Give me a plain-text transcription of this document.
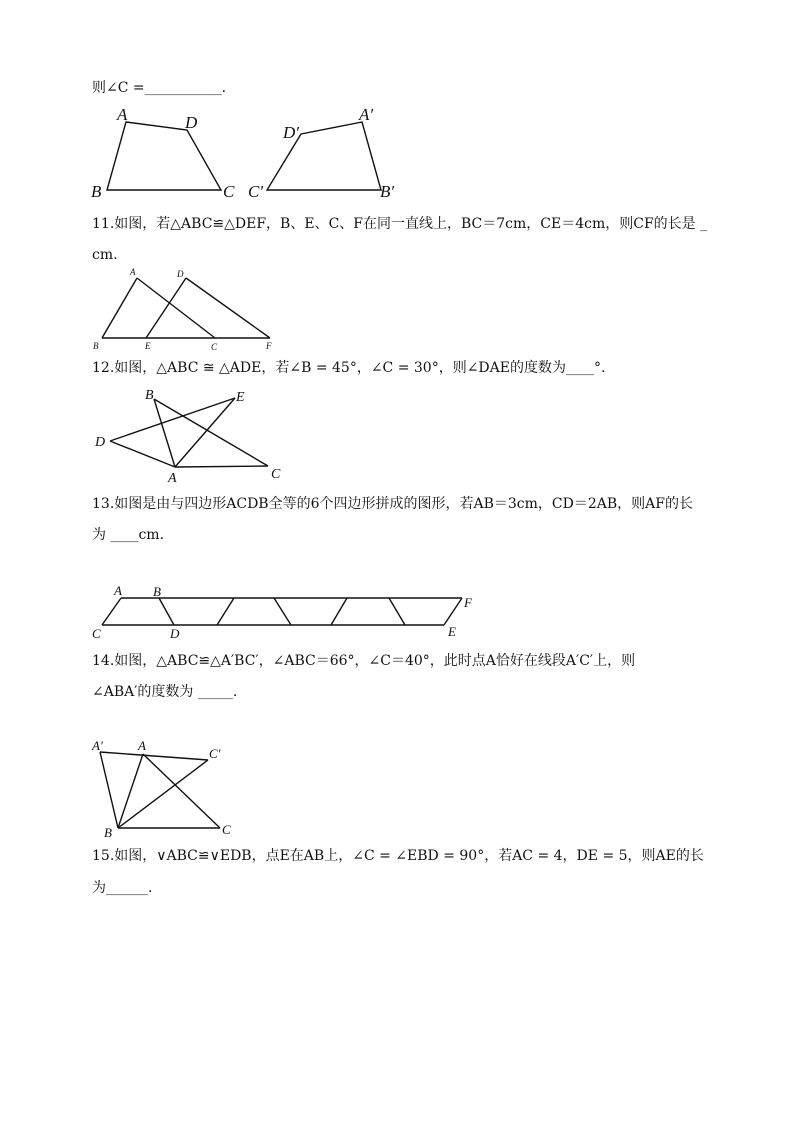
则∠C =___________.
A	D
B	C
D′
A′
C′	B′
11.如图，若△ABC≌△DEF，B、E、C、F在同一直线上，BC＝7cm，CE＝4cm，则CF的长是 _
cm.
A	D
B	E	C	F
12.如图，△ABC ≅ △ADE，若∠B = 45°，∠C = 30°，则∠DAE的度数为____°.
B	E
D
A	C
13.如图是由与四边形ACDB全等的6个四边形拼成的图形，若AB＝3cm，CD＝2AB，则AF的长
为 ____cm.
A B
F
C	D	E
14.如图，△ABC≌△A′BC′，∠ABC＝66°，∠C＝40°，此时点A恰好在线段A′C′上，则
∠ABA′的度数为 _____.
A′	A
C′
B	C
15.如图，∨ABC≌∨EDB，点E在AB上，∠C = ∠EBD = 90°，若AC = 4，DE = 5，则AE的长
为______.
